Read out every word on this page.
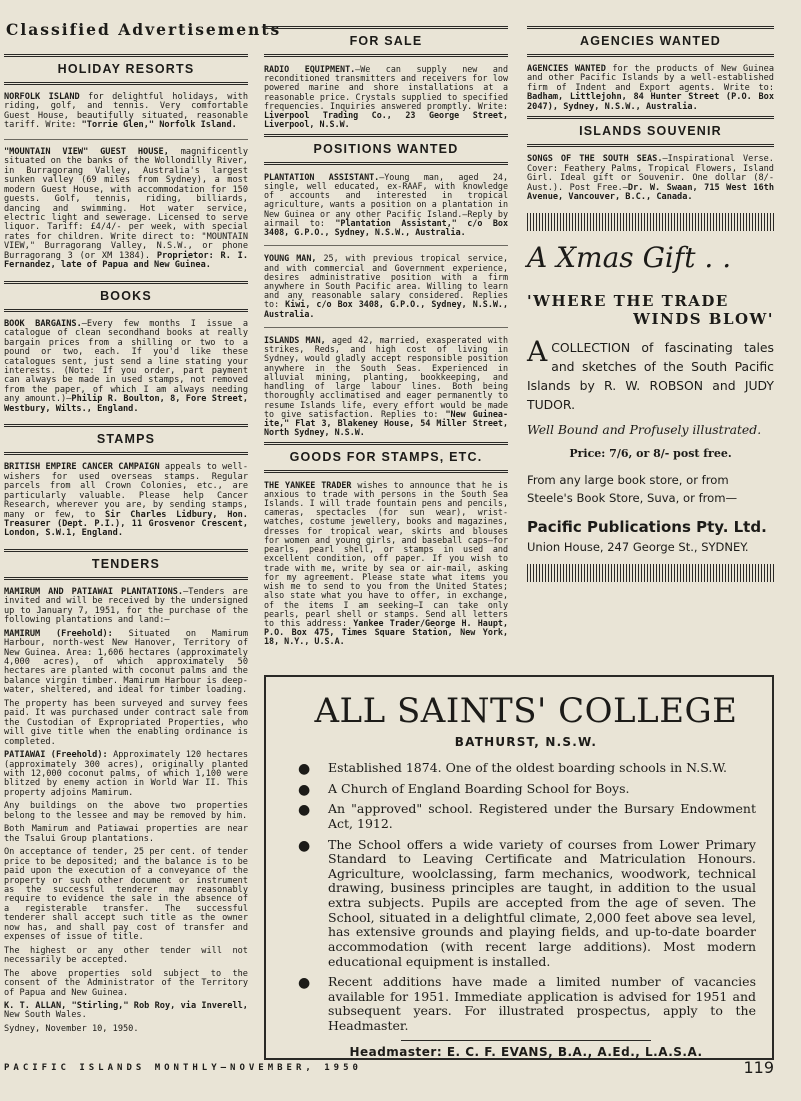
Classified Advertisements
HOLIDAY RESORTS

NORFOLK ISLAND for delightful holidays, with riding, golf, and tennis. Very comfortable Guest House, beautifully situated, reasonable tariff. Write: "Torrie Glen," Norfolk Island.

"MOUNTAIN VIEW" GUEST HOUSE, magnificently situated on the banks of the Wollondilly River, in Burragorang Valley, Australia's largest sunken valley (69 miles from Sydney), a most modern Guest House, with accommodation for 150 guests. Golf, tennis, riding, billiards, dancing and swimming. Hot water service, electric light and sewerage. Licensed to serve liquor. Tariff: £4/4/- per week, with special rates for children. Write direct to: "MOUNTAIN VIEW," Burragorang Valley, N.S.W., or phone Burragorang 3 (or XM 1384). Proprietor: R. I. Fernandez, late of Papua and New Guinea.

BOOKS

BOOK BARGAINS.—Every few months I issue a catalogue of clean secondhand books at really bargain prices from a shilling or two to a pound or two, each. If you'd like these catalogues sent, just send a line stating your interests. (Note: If you order, part payment can always be made in used stamps, not removed from the paper, of which I am always needing any amount.)—Philip R. Boulton, 8, Fore Street, Westbury, Wilts., England.

STAMPS

BRITISH EMPIRE CANCER CAMPAIGN appeals to well-wishers for used overseas stamps. Regular parcels from all Crown Colonies, etc., are particularly valuable. Please help Cancer Research, wherever you are, by sending stamps, many or few, to Sir Charles Lidbury, Hon. Treasurer (Dept. P.I.), 11 Grosvenor Crescent, London, S.W.1, England.

TENDERS

MAMIRUM AND PATIAWAI PLANTATIONS.—Tenders are invited and will be received by the undersigned up to January 7, 1951, for the purchase of the following plantations and land:—

MAMIRUM (Freehold): Situated on Mamirum Harbour, north-west New Hanover, Territory of New Guinea. Area: 1,606 hectares (approximately 4,000 acres), of which approximately 50 hectares are planted with coconut palms and the balance virgin timber. Mamirum Harbour is deep-water, sheltered, and ideal for timber loading.

The property has been surveyed and survey fees paid. It was purchased under contract sale from the Custodian of Expropriated Properties, who will give title when the enabling ordinance is completed.

PATIAWAI (Freehold): Approximately 120 hectares (approximately 300 acres), originally planted with 12,000 coconut palms, of which 1,100 were blitzed by enemy action in World War II. This property adjoins Mamirum.

Any buildings on the above two properties belong to the lessee and may be removed by him.

Both Mamirum and Patiawai properties are near the Tsalui Group plantations.

On acceptance of tender, 25 per cent. of tender price to be deposited; and the balance is to be paid upon the execution of a conveyance of the property or such other document or instrument as the successful tenderer may reasonably require to evidence the sale in the absence of a registerable transfer. The successful tenderer shall accept such title as the owner now has, and shall pay cost of transfer and expenses of issue of title.

The highest or any other tender will not necessarily be accepted.

The above properties sold subject to the consent of the Administrator of the Territory of Papua and New Guinea.

K. T. ALLAN, "Stirling," Rob Roy, via Inverell, New South Wales.

Sydney, November 10, 1950.

FOR SALE

RADIO EQUIPMENT.—We can supply new and reconditioned transmitters and receivers for low powered marine and shore installations at a reasonable price. Crystals supplied to specified frequencies. Inquiries answered promptly. Write: Liverpool Trading Co., 23 George Street, Liverpool, N.S.W.

POSITIONS WANTED

PLANTATION ASSISTANT.—Young man, aged 24, single, well educated, ex-RAAF, with knowledge of accounts and interested in tropical agriculture, wants a position on a plantation in New Guinea or any other Pacific Island.—Reply by airmail to: "Plantation Assistant," c/o Box 3408, G.P.O., Sydney, N.S.W., Australia.

YOUNG MAN, 25, with previous tropical service, and with commercial and Government experience, desires administrative position with a firm anywhere in South Pacific area. Willing to learn and any reasonable salary considered. Replies to: Kiwi, c/o Box 3408, G.P.O., Sydney, N.S.W., Australia.

ISLANDS MAN, aged 42, married, exasperated with strikes, Reds, and high cost of living in Sydney, would gladly accept responsible position anywhere in the South Seas. Experienced in alluvial mining, planting, bookkeeping, and handling of large labour lines. Both being thoroughly acclimatised and eager permanently to resume Islands life, every effort would be made to give satisfaction. Replies to: "New Guinea-ite," Flat 3, Blakeney House, 54 Miller Street, North Sydney, N.S.W.

GOODS FOR STAMPS, ETC.

THE YANKEE TRADER wishes to announce that he is anxious to trade with persons in the South Sea Islands. I will trade fountain pens and pencils, cameras, spectacles (for sun wear), wrist-watches, costume jewellery, books and magazines, dresses for tropical wear, skirts and blouses for women and young girls, and baseball caps—for pearls, pearl shell, or stamps in used and excellent condition, off paper. If you wish to trade with me, write by sea or air-mail, asking for my agreement. Please state what items you wish me to send to you from the United States; also state what you have to offer, in exchange, of the items I am seeking—I can take only pearls, pearl shell or stamps. Send all letters to this address: Yankee Trader/George H. Haupt, P.O. Box 475, Times Square Station, New York, 18, N.Y., U.S.A.

AGENCIES WANTED

AGENCIES WANTED for the products of New Guinea and other Pacific Islands by a well-established firm of Indent and Export agents. Write to: Badham, Littlejohn, 84 Hunter Street (P.O. Box 2047), Sydney, N.S.W., Australia.

ISLANDS SOUVENIR

SONGS OF THE SOUTH SEAS.—Inspirational Verse. Cover: Feathery Palms, Tropical Flowers, Island Girl. Ideal gift or Souvenir. One dollar (8/- Aust.). Post Free.—Dr. W. Swaan, 715 West 16th Avenue, Vancouver, B.C., Canada.

A Xmas Gift . .
'WHERE THE TRADE
WINDS BLOW'
A COLLECTION of fascinating tales and sketches of the South Pacific Islands by R. W. ROBSON and JUDY TUDOR.
Well Bound and Profusely illustrated.
Price: 7/6, or 8/- post free.
From any large book store, or from Steele's Book Store, Suva, or from—
Pacific Publications Pty. Ltd.
Union House, 247 George St., SYDNEY.
ALL SAINTS' COLLEGE
BATHURST, N.S.W.
● Established 1874. One of the oldest boarding schools in N.S.W.
● A Church of England Boarding School for Boys.
● An "approved" school. Registered under the Bursary Endowment Act, 1912.
● The School offers a wide variety of courses from Lower Primary Standard to Leaving Certificate and Matriculation Honours. Agriculture, woolclassing, farm mechanics, woodwork, technical drawing, business principles are taught, in addition to the usual extra subjects. Pupils are accepted from the age of seven. The School, situated in a delightful climate, 2,000 feet above sea level, has extensive grounds and playing fields, and up-to-date boarder accommodation (with recent large additions). Most modern educational equipment is installed.
● Recent additions have made a limited number of vacancies available for 1951. Immediate application is advised for 1951 and subsequent years. For illustrated prospectus, apply to the Headmaster.
Headmaster: E. C. F. EVANS, B.A., A.Ed., L.A.S.A.
PACIFIC ISLANDS MONTHLY—NOVEMBER, 1950	119
